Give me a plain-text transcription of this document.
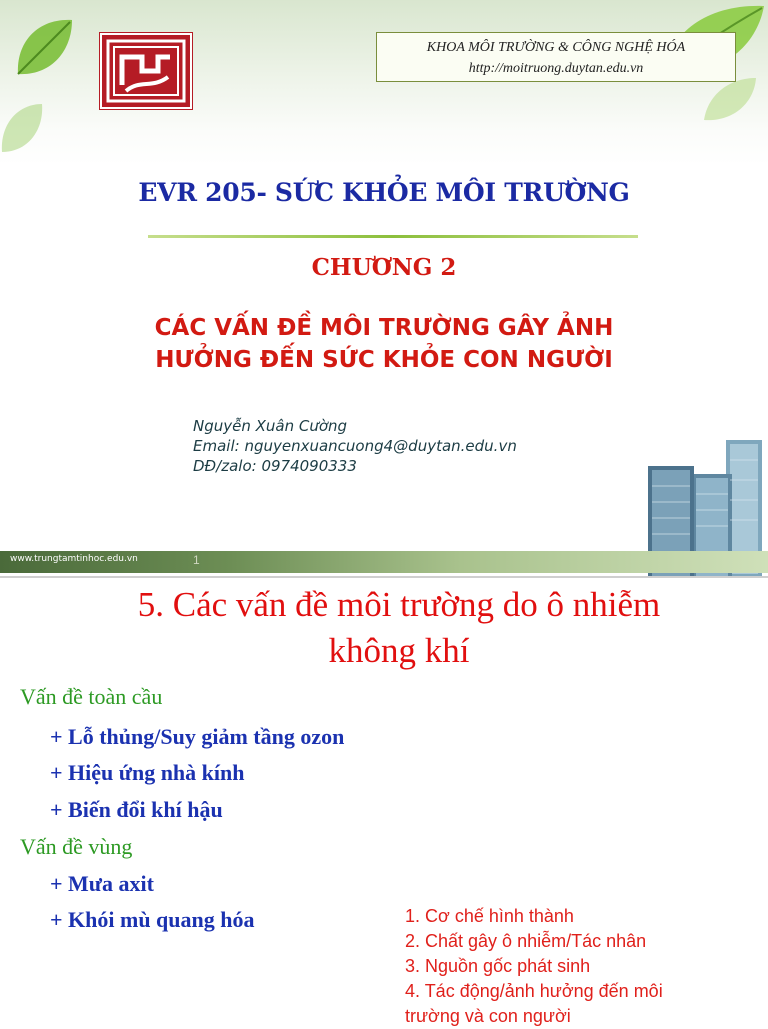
KHOA MÔI TRƯỜNG & CÔNG NGHỆ HÓA
http://moitruong.duytan.edu.vn
EVR 205- SỨC KHỎE MÔI TRƯỜNG
CHƯƠNG 2
CÁC VẤN ĐỀ MÔI TRƯỜNG GÂY ẢNH
HƯỞNG ĐẾN SỨC KHỎE CON NGƯỜI
Nguyễn Xuân Cường
Email: nguyenxuancuong4@duytan.edu.vn
DĐ/zalo: 0974090333
www.trungtamtinhoc.edu.vn	1
5. Các vấn đề môi trường do ô nhiễm
không khí
Vấn đề toàn cầu
+ Lỗ thủng/Suy giảm tầng ozon
+ Hiệu ứng nhà kính
+ Biến đổi khí hậu
Vấn đề vùng
+ Mưa axit
+ Khói mù quang hóa	1. Cơ chế hình thành
2. Chất gây ô nhiễm/Tác nhân
3. Nguồn gốc phát sinh
4. Tác động/ảnh hưởng đến môi
trường và con người
